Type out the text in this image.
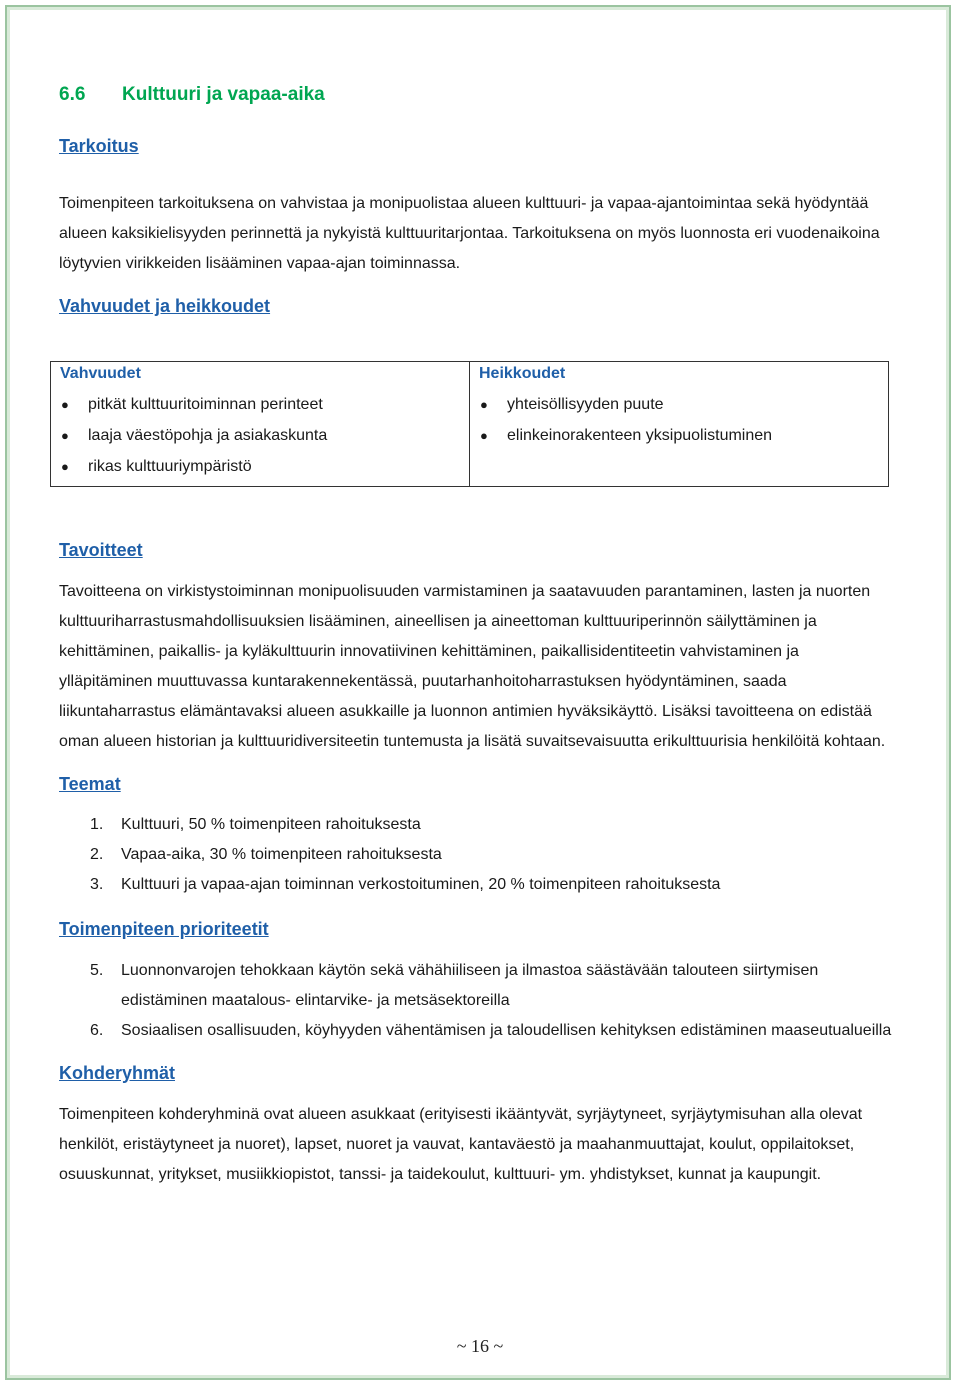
6.6 Kulttuuri ja vapaa-aika
Tarkoitus

Toimenpiteen tarkoituksena on vahvistaa ja monipuolistaa alueen kulttuuri- ja vapaa-ajantoimintaa sekä hyödyntää alueen kaksikielisyyden perinnettä ja nykyistä kulttuuritarjontaa. Tarkoituksena on myös luonnosta eri vuodenaikoina löytyvien virikkeiden lisääminen vapaa-ajan toiminnassa.

Vahvuudet ja heikkoudet
Vahvuudet
● pitkät kulttuuritoiminnan perinteet
● laaja väestöpohja ja asiakaskunta
● rikas kulttuuriympäristö

Heikkoudet
● yhteisöllisyyden puute
● elinkeinorakenteen yksipuolistuminen
Tavoitteet

Tavoitteena on virkistystoiminnan monipuolisuuden varmistaminen ja saatavuuden parantaminen, lasten ja nuorten kulttuuriharrastusmahdollisuuksien lisääminen, aineellisen ja aineettoman kulttuuriperinnön säilyttäminen ja kehittäminen, paikallis- ja kyläkulttuurin innovatiivinen kehittäminen, paikallisidentiteetin vahvistaminen ja ylläpitäminen muuttuvassa kuntarakennekentässä, puutarhanhoitoharrastuksen hyödyntäminen, saada liikuntaharrastus elämäntavaksi alueen asukkaille ja luonnon antimien hyväksikäyttö. Lisäksi tavoitteena on edistää oman alueen historian ja kulttuuridiversiteetin tuntemusta ja lisätä suvaitsevaisuutta erikulttuurisia henkilöitä kohtaan.

Teemat
1. Kulttuuri, 50 % toimenpiteen rahoituksesta
2. Vapaa-aika, 30 % toimenpiteen rahoituksesta
3. Kulttuuri ja vapaa-ajan toiminnan verkostoituminen, 20 % toimenpiteen rahoituksesta
Toimenpiteen prioriteetit
5. Luonnonvarojen tehokkaan käytön sekä vähähiiliseen ja ilmastoa säästävään talouteen siirtymisen edistäminen maatalous- elintarvike- ja metsäsektoreilla
6. Sosiaalisen osallisuuden, köyhyyden vähentämisen ja taloudellisen kehityksen edistäminen maaseutualueilla
Kohderyhmät

Toimenpiteen kohderyhminä ovat alueen asukkaat (erityisesti ikääntyvät, syrjäytyneet, syrjäytymisuhan alla olevat henkilöt, eristäytyneet ja nuoret), lapset, nuoret ja vauvat, kantaväestö ja maahanmuuttajat, koulut, oppilaitokset, osuuskunnat, yritykset, musiikkiopistot, tanssi- ja taidekoulut, kulttuuri- ym. yhdistykset, kunnat ja kaupungit.

~ 16 ~
